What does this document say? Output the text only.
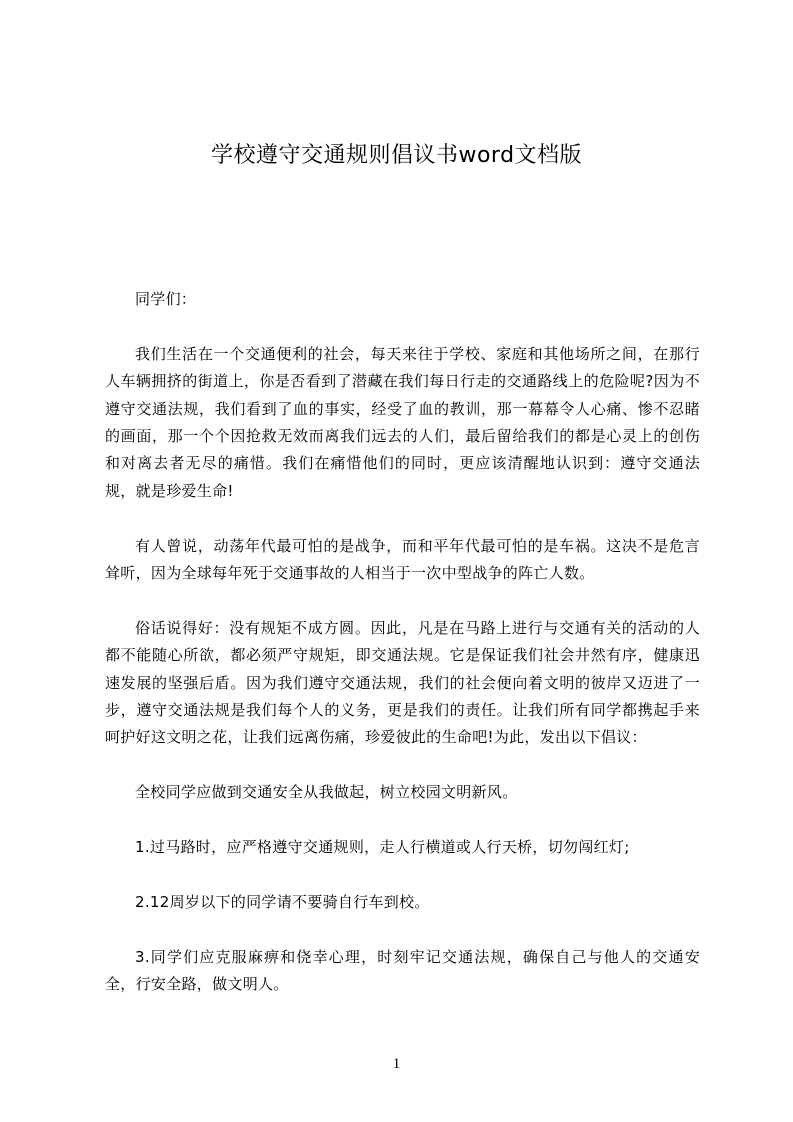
学校遵守交通规则倡议书word文档版

同学们：

我们生活在一个交通便利的社会，每天来往于学校、家庭和其他场所之间，在那行人车辆拥挤的街道上，你是否看到了潜藏在我们每日行走的交通路线上的危险呢?因为不遵守交通法规，我们看到了血的事实，经受了血的教训，那一幕幕令人心痛、惨不忍睹的画面，那一个个因抢救无效而离我们远去的人们，最后留给我们的都是心灵上的创伤和对离去者无尽的痛惜。我们在痛惜他们的同时，更应该清醒地认识到：遵守交通法规，就是珍爱生命!

有人曾说，动荡年代最可怕的是战争，而和平年代最可怕的是车祸。这决不是危言耸听，因为全球每年死于交通事故的人相当于一次中型战争的阵亡人数。

俗话说得好：没有规矩不成方圆。因此，凡是在马路上进行与交通有关的活动的人都不能随心所欲，都必须严守规矩，即交通法规。它是保证我们社会井然有序，健康迅速发展的坚强后盾。因为我们遵守交通法规，我们的社会便向着文明的彼岸又迈进了一步，遵守交通法规是我们每个人的义务，更是我们的责任。让我们所有同学都携起手来呵护好这文明之花，让我们远离伤痛，珍爱彼此的生命吧!为此，发出以下倡议：

全校同学应做到交通安全从我做起，树立校园文明新风。

1.过马路时，应严格遵守交通规则，走人行横道或人行天桥，切勿闯红灯;

2.12周岁以下的同学请不要骑自行车到校。

3.同学们应克服麻痹和侥幸心理，时刻牢记交通法规，确保自己与他人的交通安全，行安全路，做文明人。

1
